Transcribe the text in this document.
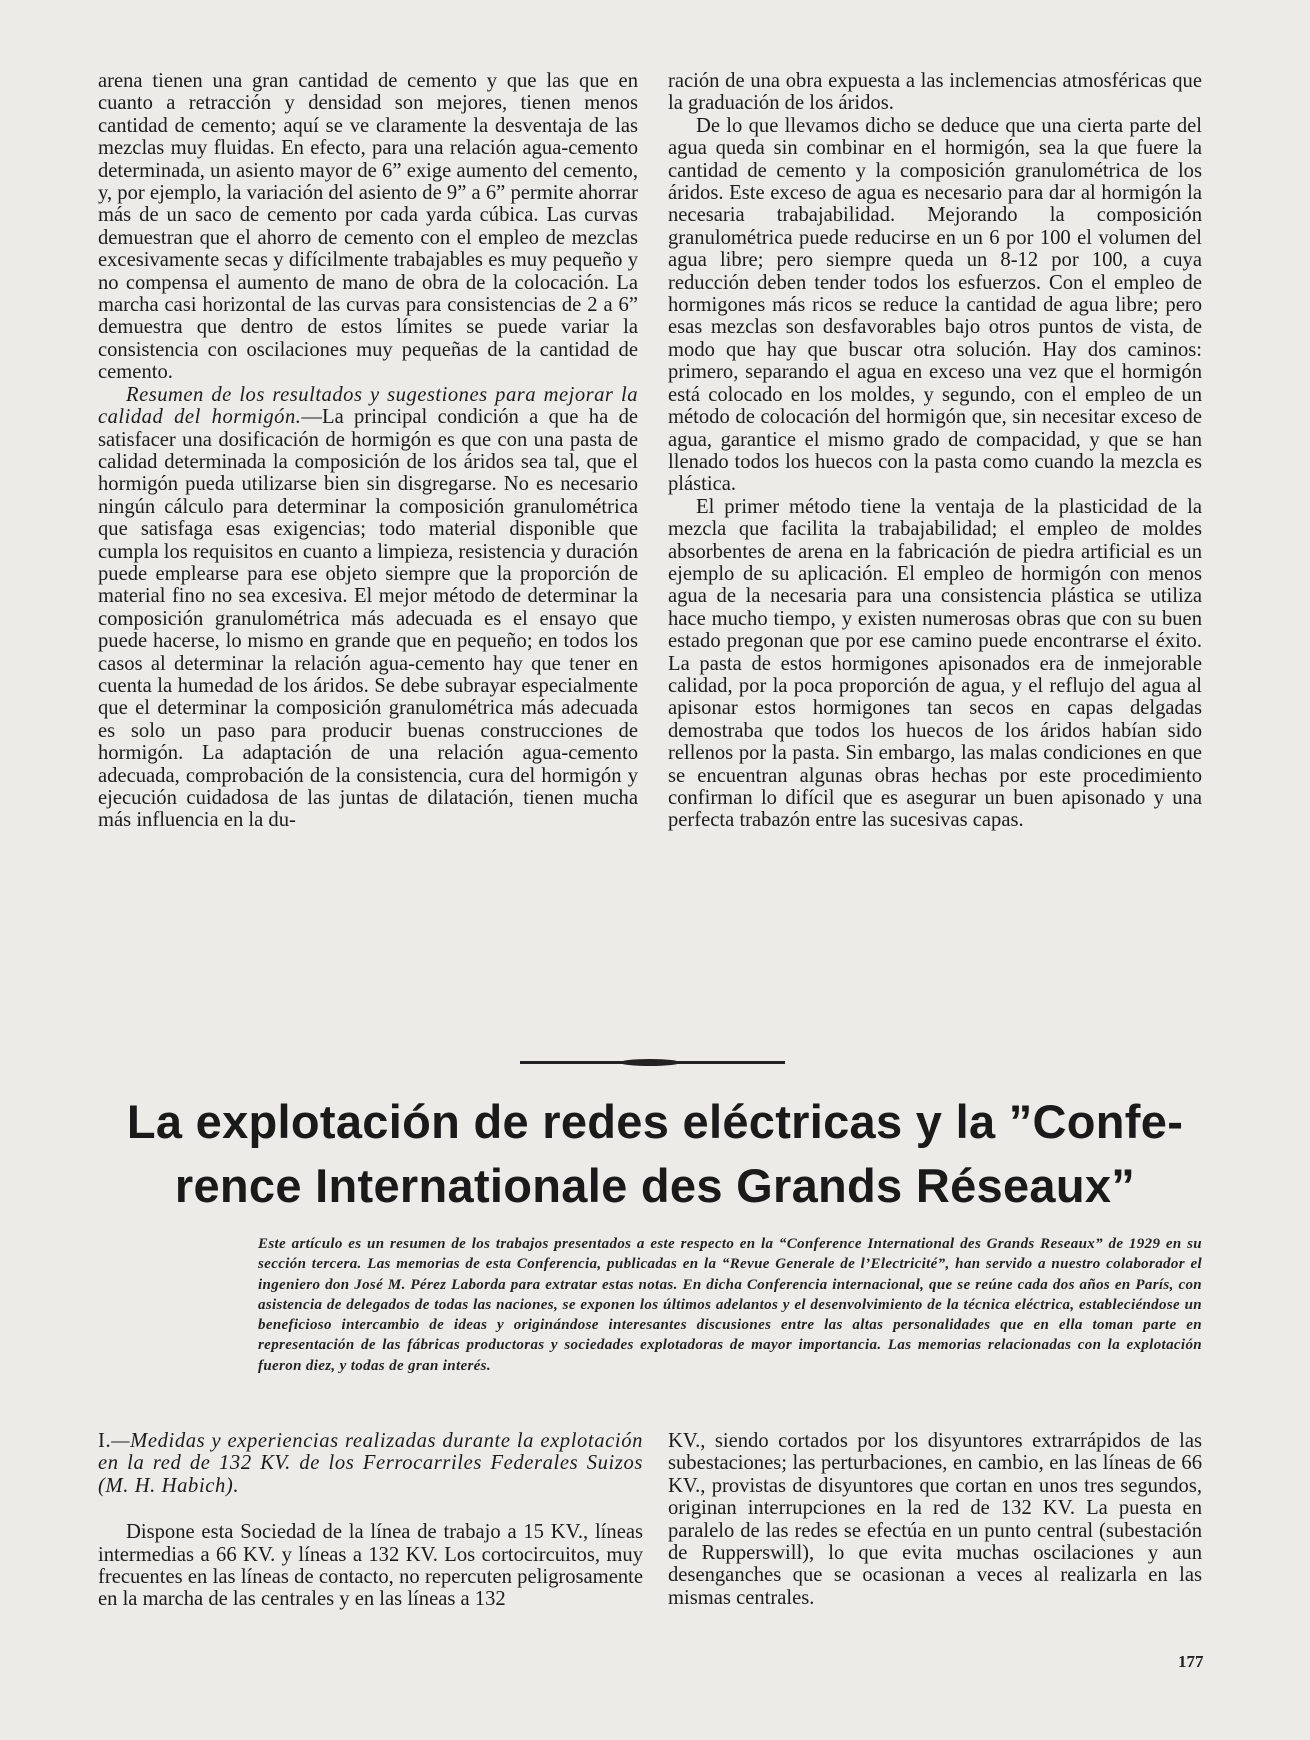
arena tienen una gran cantidad de cemento y que las que en cuanto a retracción y densidad son mejores, tienen menos cantidad de cemento; aquí se ve claramente la desventaja de las mezclas muy fluidas. En efecto, para una relación agua-cemento determinada, un asiento mayor de 6” exige aumento del cemento, y, por ejemplo, la variación del asiento de 9” a 6” permite ahorrar más de un saco de cemento por cada yarda cúbica. Las curvas demuestran que el ahorro de cemento con el empleo de mezclas excesivamente secas y difícilmente trabajables es muy pequeño y no compensa el aumento de mano de obra de la colocación. La marcha casi horizontal de las curvas para consistencias de 2 a 6” demuestra que dentro de estos límites se puede variar la consistencia con oscilaciones muy pequeñas de la cantidad de cemento.

Resumen de los resultados y sugestiones para mejorar la calidad del hormigón.—La principal condición a que ha de satisfacer una dosificación de hormigón es que con una pasta de calidad determinada la composición de los áridos sea tal, que el hormigón pueda utilizarse bien sin disgregarse. No es necesario ningún cálculo para determinar la composición granulométrica que satisfaga esas exigencias; todo material disponible que cumpla los requisitos en cuanto a limpieza, resistencia y duración puede emplearse para ese objeto siempre que la proporción de material fino no sea excesiva. El mejor método de determinar la composición granulométrica más adecuada es el ensayo que puede hacerse, lo mismo en grande que en pequeño; en todos los casos al determinar la relación agua-cemento hay que tener en cuenta la humedad de los áridos. Se debe subrayar especialmente que el determinar la composición granulométrica más adecuada es solo un paso para producir buenas construcciones de hormigón. La adaptación de una relación agua-cemento adecuada, comprobación de la consistencia, cura del hormigón y ejecución cuidadosa de las juntas de dilatación, tienen mucha más influencia en la du-

ración de una obra expuesta a las inclemencias atmosféricas que la graduación de los áridos.

De lo que llevamos dicho se deduce que una cierta parte del agua queda sin combinar en el hormigón, sea la que fuere la cantidad de cemento y la composición granulométrica de los áridos. Este exceso de agua es necesario para dar al hormigón la necesaria trabajabilidad. Mejorando la composición granulométrica puede reducirse en un 6 por 100 el volumen del agua libre; pero siempre queda un 8-12 por 100, a cuya reducción deben tender todos los esfuerzos. Con el empleo de hormigones más ricos se reduce la cantidad de agua libre; pero esas mezclas son desfavorables bajo otros puntos de vista, de modo que hay que buscar otra solución. Hay dos caminos: primero, separando el agua en exceso una vez que el hormigón está colocado en los moldes, y segundo, con el empleo de un método de colocación del hormigón que, sin necesitar exceso de agua, garantice el mismo grado de compacidad, y que se han llenado todos los huecos con la pasta como cuando la mezcla es plástica.

El primer método tiene la ventaja de la plasticidad de la mezcla que facilita la trabajabilidad; el empleo de moldes absorbentes de arena en la fabricación de piedra artificial es un ejemplo de su aplicación. El empleo de hormigón con menos agua de la necesaria para una consistencia plástica se utiliza hace mucho tiempo, y existen numerosas obras que con su buen estado pregonan que por ese camino puede encontrarse el éxito. La pasta de estos hormigones apisonados era de inmejorable calidad, por la poca proporción de agua, y el reflujo del agua al apisonar estos hormigones tan secos en capas delgadas demostraba que todos los huecos de los áridos habían sido rellenos por la pasta. Sin embargo, las malas condiciones en que se encuentran algunas obras hechas por este procedimiento confirman lo difícil que es asegurar un buen apisonado y una perfecta trabazón entre las sucesivas capas.

La explotación de redes eléctricas y la ”Confe-
rence Internationale des Grands Réseaux”
Este artículo es un resumen de los trabajos presentados a este respecto en la “Conference International des Grands Reseaux” de 1929 en su sección tercera. Las memorias de esta Conferencia, publicadas en la “Revue Generale de l’Electricité”, han servido a nuestro colaborador el ingeniero don José M. Pérez Laborda para extratar estas notas. En dicha Conferencia internacional, que se reúne cada dos años en París, con asistencia de delegados de todas las naciones, se exponen los últimos adelantos y el desenvolvimiento de la técnica eléctrica, estableciéndose un beneficioso intercambio de ideas y originándose interesantes discusiones entre las altas personalidades que en ella toman parte en representación de las fábricas productoras y sociedades explotadoras de mayor importancia. Las memorias relacionadas con la explotación fueron diez, y todas de gran interés.

I.—Medidas y experiencias realizadas durante la explotación en la red de 132 KV. de los Ferrocarriles Federales Suizos (M. H. Habich).

Dispone esta Sociedad de la línea de trabajo a 15 KV., líneas intermedias a 66 KV. y líneas a 132 KV. Los cortocircuitos, muy frecuentes en las líneas de contacto, no repercuten peligrosamente en la marcha de las centrales y en las líneas a 132

KV., siendo cortados por los disyuntores extrarrápidos de las subestaciones; las perturbaciones, en cambio, en las líneas de 66 KV., provistas de disyuntores que cortan en unos tres segundos, originan interrupciones en la red de 132 KV. La puesta en paralelo de las redes se efectúa en un punto central (subestación de Rupperswill), lo que evita muchas oscilaciones y aun desenganches que se ocasionan a veces al realizarla en las mismas centrales.

177
